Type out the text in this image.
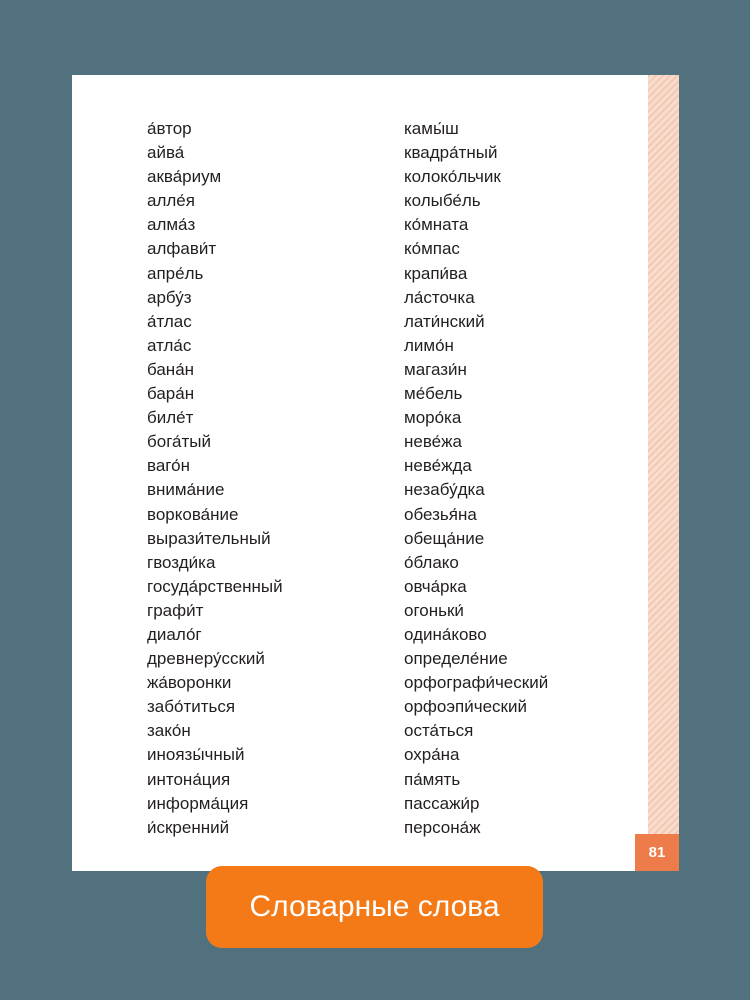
а́втор
айва́
аква́риум
алле́я
алма́з
алфави́т
апре́ль
арбу́з
а́тлас
атла́с
бана́н
бара́н
биле́т
бога́тый
ваго́н
внима́ние
воркова́ние
вырази́тельный
гвозди́ка
госуда́рственный
графи́т
диало́г
древнеру́сский
жа́воронки
забо́титься
зако́н
иноязы́чный
интона́ция
информа́ция
и́скренний
камы́ш
квадра́тный
колоко́льчик
колыбе́ль
ко́мната
ко́мпас
крапи́ва
ла́сточка
лати́нский
лимо́н
магази́н
ме́бель
моро́ка
неве́жа
неве́жда
незабу́дка
обезья́на
обеща́ние
о́блако
овча́рка
огоньки́
одина́ково
определе́ние
орфографи́ческий
орфоэпи́ческий
оста́ться
охра́на
па́мять
пассажи́р
персона́ж
81
Словарные слова
